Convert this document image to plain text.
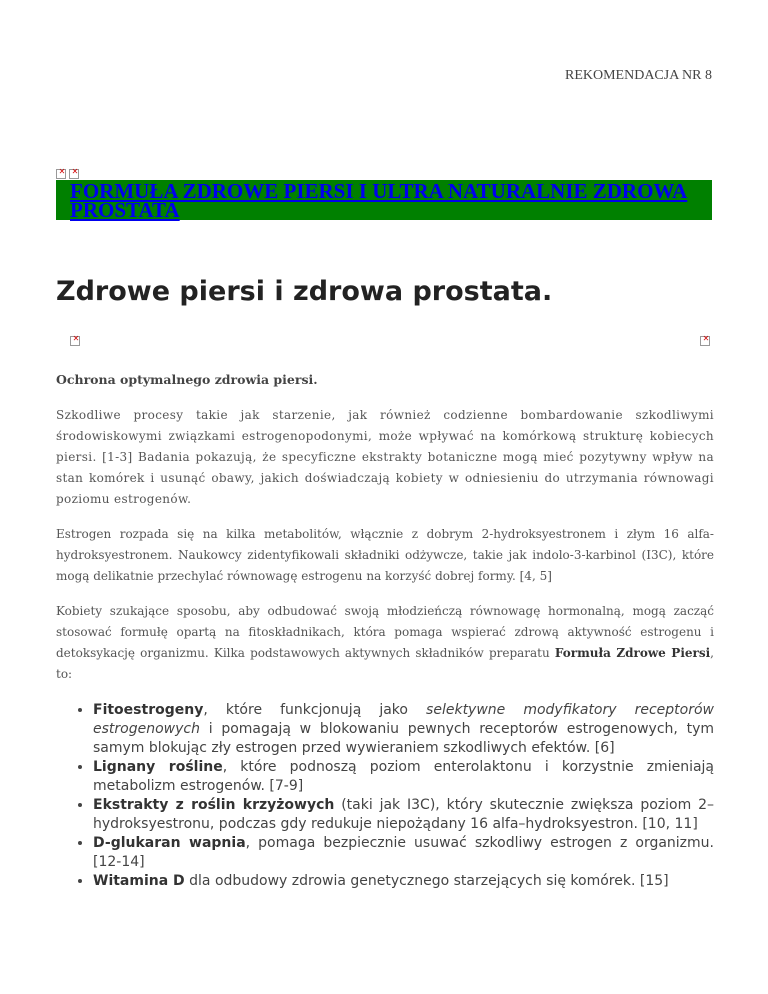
REKOMENDACJA NR 8
✕
✕
FORMUŁA ZDROWE PIERSI I ULTRA NATURALNIE ZDROWA PROSTATA
Zdrowe piersi i zdrowa prostata.
✕
✕

Ochrona optymalnego zdrowia piersi.

Szkodliwe procesy takie jak starzenie, jak również codzienne bombardowanie szkodliwymi środowiskowymi związkami estrogenopodonymi, może wpływać na komórkową strukturę kobiecych piersi. [1-3] Badania pokazują, że specyficzne ekstrakty botaniczne mogą mieć pozytywny wpływ na stan komórek i usunąć obawy, jakich doświadczają kobiety w odniesieniu do utrzymania równowagi poziomu estrogenów.

Estrogen rozpada się na kilka metabolitów, włącznie z dobrym 2-hydroksyestronem i złym 16 alfa-hydroksyestronem. Naukowcy zidentyfikowali składniki odżywcze, takie jak indolo-3-karbinol (I3C), które mogą delikatnie przechylać równowagę estrogenu na korzyść dobrej formy. [4, 5]

Kobiety szukające sposobu, aby odbudować swoją młodzieńczą równowagę hormonalną, mogą zacząć stosować formułę opartą na fitoskładnikach, która pomaga wspierać zdrową aktywność estrogenu i detoksykację organizmu. Kilka podstawowych aktywnych składników preparatu Formuła Zdrowe Piersi, to:

• Fitoestrogeny, które funkcjonują jako selektywne modyfikatory receptorów estrogenowych i pomagają w blokowaniu pewnych receptorów estrogenowych, tym samym blokując zły estrogen przed wywieraniem szkodliwych efektów. [6]
• Lignany rośline, które podnoszą poziom enterolaktonu i korzystnie zmieniają metabolizm estrogenów. [7-9]
• Ekstrakty z roślin krzyżowych (taki jak I3C), który skutecznie zwiększa poziom 2–hydroksyestronu, podczas gdy redukuje niepożądany 16 alfa–hydroksyestron. [10, 11]
• D-glukaran wapnia, pomaga bezpiecznie usuwać szkodliwy estrogen z organizmu. [12-14]
• Witamina D dla odbudowy zdrowia genetycznego starzejących się komórek. [15]
